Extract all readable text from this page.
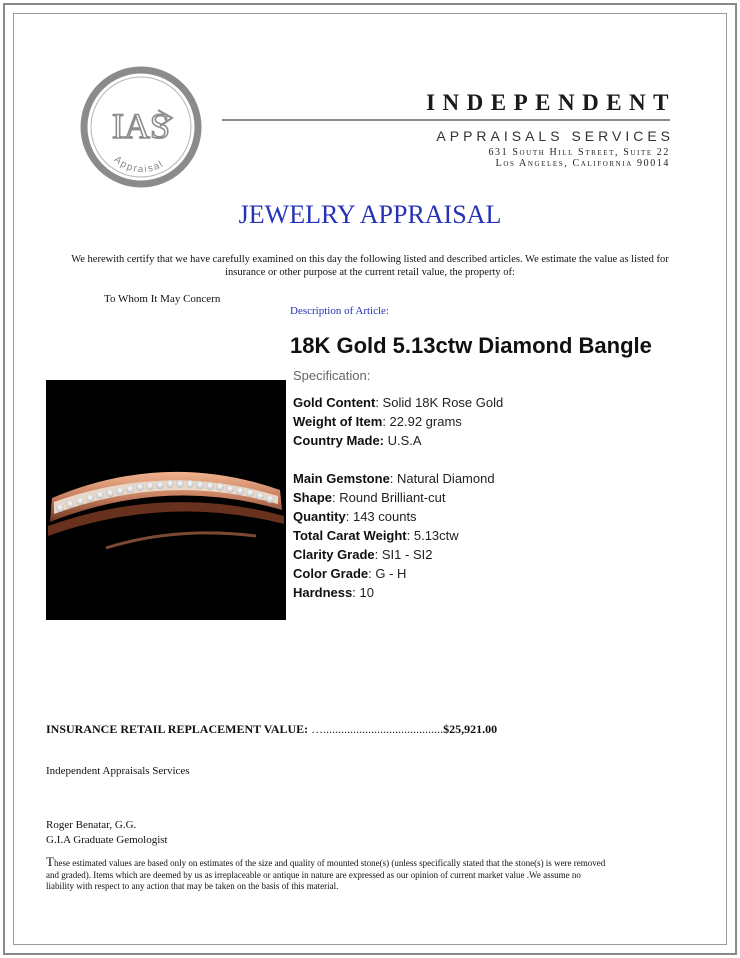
IAS
Appraisal
INDEPENDENT
APPRAISALS SERVICES
631 South Hill Street, Suite 22
Los Angeles, California 90014
JEWELRY APPRAISAL
We herewith certify that we have carefully examined on this day the following listed and described articles. We estimate the value as listed for insurance or other purpose at the current retail value, the property of:
To Whom It May Concern
Description of Article:
18K Gold 5.13ctw Diamond Bangle
Specification:
Gold Content: Solid 18K Rose Gold
Weight of Item: 22.92 grams
Country Made: U.S.A
Main Gemstone: Natural Diamond
Shape: Round Brilliant-cut
Quantity: 143 counts
Total Carat Weight: 5.13ctw
Clarity Grade: SI1 - SI2
Color Grade: G - H
Hardness: 10
INSURANCE RETAIL REPLACEMENT VALUE: …........................................$25,921.00
Independent Appraisals Services
Roger Benatar, G.G.
G.I.A Graduate Gemologist
These estimated values are based only on estimates of the size and quality of mounted stone(s) (unless specifically stated that the stone(s) is were removed and graded). Items which are deemed by us as irreplaceable or antique in nature are expressed as our opinion of current market value .We assume no liability with respect to any action that may be taken on the basis of this material.
